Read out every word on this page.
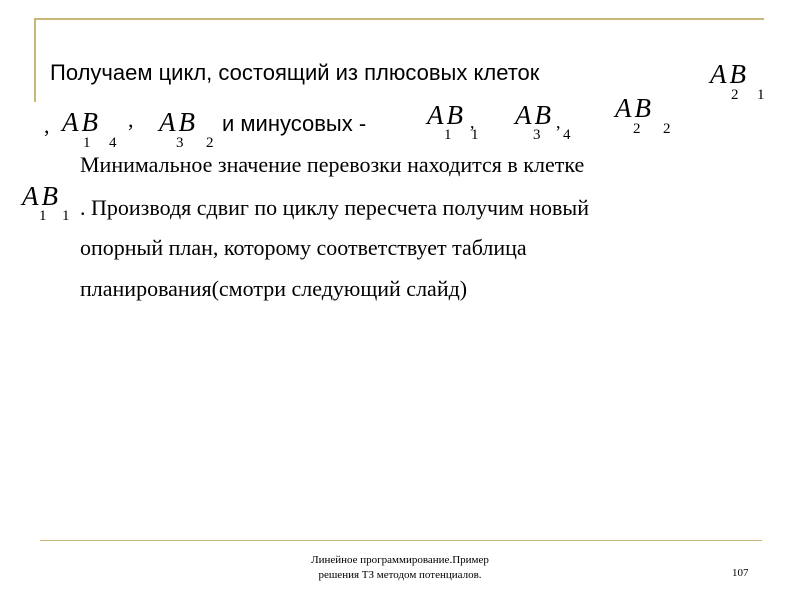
Получаем цикл, состоящий из плюсовых клеток	A B
2 1
, A B
1 4
, A B
3 2
и минусовых - A B
1 1
, A B
3 4
, A B
2 2
Минимальное значение перевозки находится в клетке
A B
1 1 . Производя сдвиг по циклу пересчета получим новый
опорный план, которому соответствует таблица
планирования(смотри следующий слайд)
Линейное программирование.Пример
решения ТЗ методом потенциалов.	107
